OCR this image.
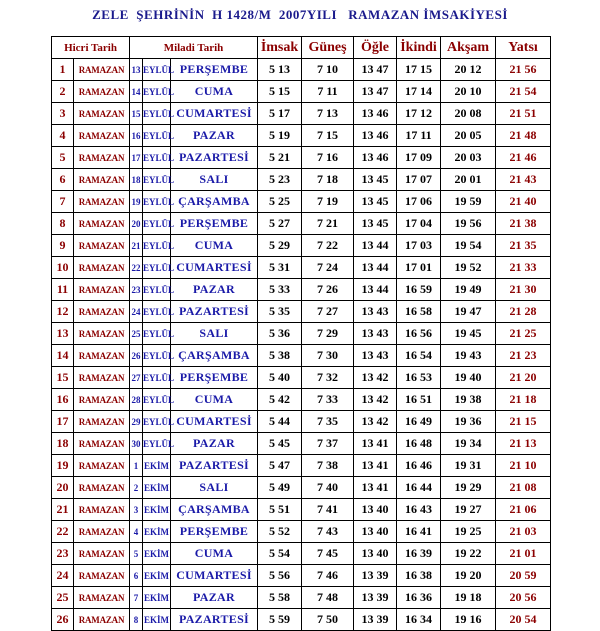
ZELE  ŞEHRİNİN  H 1428/M  2007YILI   RAMAZAN İMSAKİYESİ
Hicri Tarih		Miladi Tarih			İmsak	Güneş	Öğle	İkindi	Akşam	Yatsı
1	RAMAZAN	13	EYLÜL	PERŞEMBE	5 13	7 10	13 47	17 15	20 12	21 56
2	RAMAZAN	14	EYLÜL	CUMA	5 15	7 11	13 47	17 14	20 10	21 54
3	RAMAZAN	15	EYLÜL	CUMARTESİ	5 17	7 13	13 46	17 12	20 08	21 51
4	RAMAZAN	16	EYLÜL	PAZAR	5 19	7 15	13 46	17 11	20 05	21 48
5	RAMAZAN	17	EYLÜL	PAZARTESİ	5 21	7 16	13 46	17 09	20 03	21 46
6	RAMAZAN	18	EYLÜL	SALI	5 23	7 18	13 45	17 07	20 01	21 43
7	RAMAZAN	19	EYLÜL	ÇARŞAMBA	5 25	7 19	13 45	17 06	19 59	21 40
8	RAMAZAN	20	EYLÜL	PERŞEMBE	5 27	7 21	13 45	17 04	19 56	21 38
9	RAMAZAN	21	EYLÜL	CUMA	5 29	7 22	13 44	17 03	19 54	21 35
10	RAMAZAN	22	EYLÜL	CUMARTESİ	5 31	7 24	13 44	17 01	19 52	21 33
11	RAMAZAN	23	EYLÜL	PAZAR	5 33	7 26	13 44	16 59	19 49	21 30
12	RAMAZAN	24	EYLÜL	PAZARTESİ	5 35	7 27	13 43	16 58	19 47	21 28
13	RAMAZAN	25	EYLÜL	SALI	5 36	7 29	13 43	16 56	19 45	21 25
14	RAMAZAN	26	EYLÜL	ÇARŞAMBA	5 38	7 30	13 43	16 54	19 43	21 23
15	RAMAZAN	27	EYLÜL	PERŞEMBE	5 40	7 32	13 42	16 53	19 40	21 20
16	RAMAZAN	28	EYLÜL	CUMA	5 42	7 33	13 42	16 51	19 38	21 18
17	RAMAZAN	29	EYLÜL	CUMARTESİ	5 44	7 35	13 42	16 49	19 36	21 15
18	RAMAZAN	30	EYLÜL	PAZAR	5 45	7 37	13 41	16 48	19 34	21 13
19	RAMAZAN	1	EKİM	PAZARTESİ	5 47	7 38	13 41	16 46	19 31	21 10
20	RAMAZAN	2	EKİM	SALI	5 49	7 40	13 41	16 44	19 29	21 08
21	RAMAZAN	3	EKİM	ÇARŞAMBA	5 51	7 41	13 40	16 43	19 27	21 06
22	RAMAZAN	4	EKİM	PERŞEMBE	5 52	7 43	13 40	16 41	19 25	21 03
23	RAMAZAN	5	EKİM	CUMA	5 54	7 45	13 40	16 39	19 22	21 01
24	RAMAZAN	6	EKİM	CUMARTESİ	5 56	7 46	13 39	16 38	19 20	20 59
25	RAMAZAN	7	EKİM	PAZAR	5 58	7 48	13 39	16 36	19 18	20 56
26	RAMAZAN	8	EKİM	PAZARTESİ	5 59	7 50	13 39	16 34	19 16	20 54
